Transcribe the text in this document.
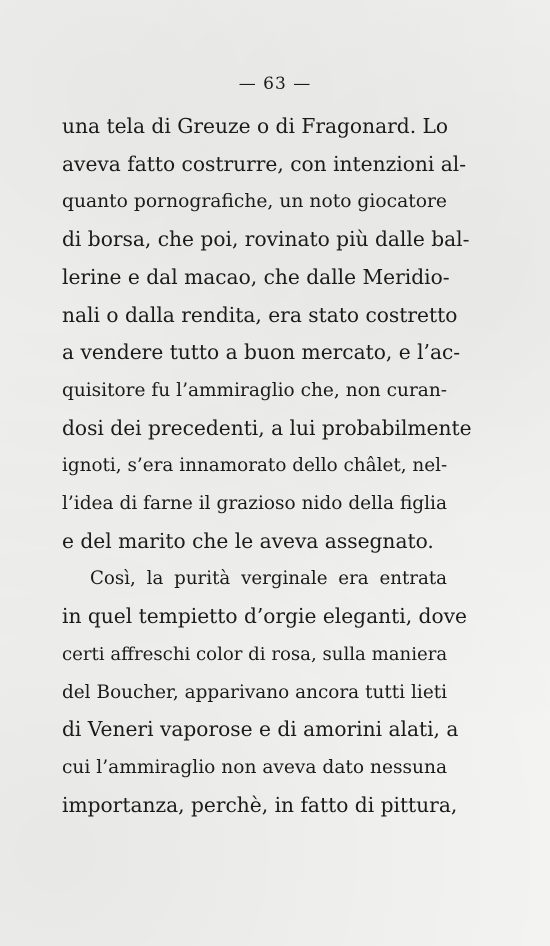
— 63 —
una tela di Greuze o di Fragonard. Lo
aveva fatto costrurre, con intenzioni al-
quanto pornografiche, un noto giocatore
di borsa, che poi, rovinato più dalle bal-
lerine e dal macao, che dalle Meridio-
nali o dalla rendita, era stato costretto
a vendere tutto a buon mercato, e l’ac-
quisitore fu l’ammiraglio che, non curan-
dosi dei precedenti, a lui probabilmente
ignoti, s’era innamorato dello châlet, nel-
l’idea di farne il grazioso nido della figlia
e del marito che le aveva assegnato.
Così, la purità verginale era entrata
in quel tempietto d’orgie eleganti, dove
certi affreschi color di rosa, sulla maniera
del Boucher, apparivano ancora tutti lieti
di Veneri vaporose e di amorini alati, a
cui l’ammiraglio non aveva dato nessuna
importanza, perchè, in fatto di pittura,
